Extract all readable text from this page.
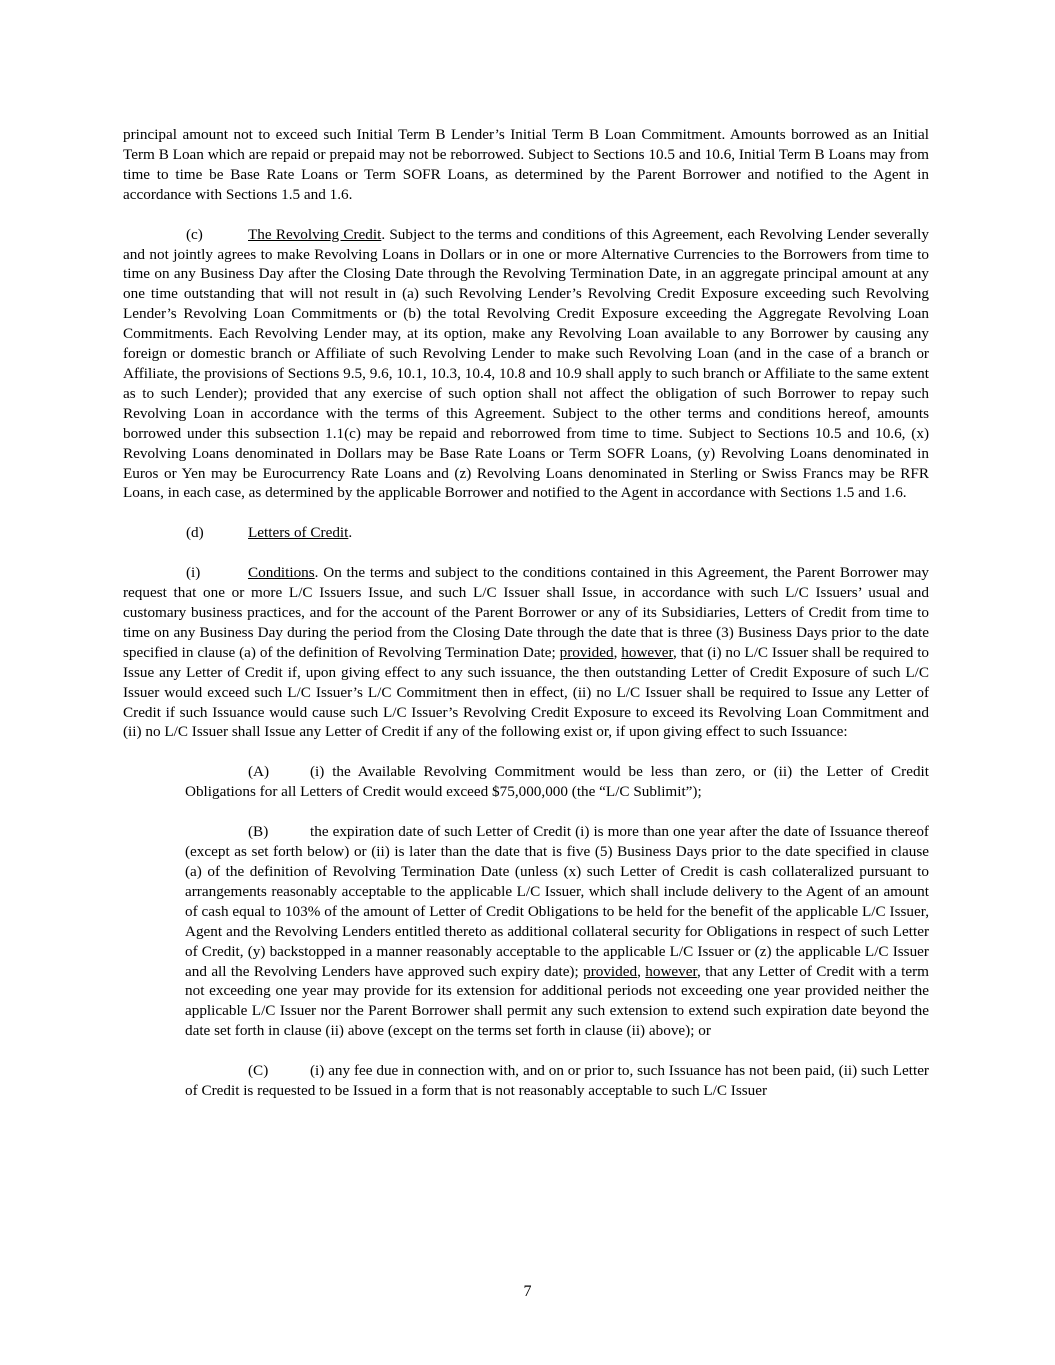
principal amount not to exceed such Initial Term B Lender’s Initial Term B Loan Commitment. Amounts borrowed as an Initial Term B Loan which are repaid or prepaid may not be reborrowed. Subject to Sections 10.5 and 10.6, Initial Term B Loans may from time to time be Base Rate Loans or Term SOFR Loans, as determined by the Parent Borrower and notified to the Agent in accordance with Sections 1.5 and 1.6.

(c)	The Revolving Credit. Subject to the terms and conditions of this Agreement, each Revolving Lender severally and not jointly agrees to make Revolving Loans in Dollars or in one or more Alternative Currencies to the Borrowers from time to time on any Business Day after the Closing Date through the Revolving Termination Date, in an aggregate principal amount at any one time outstanding that will not result in (a) such Revolving Lender’s Revolving Credit Exposure exceeding such Revolving Lender’s Revolving Loan Commitments or (b) the total Revolving Credit Exposure exceeding the Aggregate Revolving Loan Commitments. Each Revolving Lender may, at its option, make any Revolving Loan available to any Borrower by causing any foreign or domestic branch or Affiliate of such Revolving Lender to make such Revolving Loan (and in the case of a branch or Affiliate, the provisions of Sections 9.5, 9.6, 10.1, 10.3, 10.4, 10.8 and 10.9 shall apply to such branch or Affiliate to the same extent as to such Lender); provided that any exercise of such option shall not affect the obligation of such Borrower to repay such Revolving Loan in accordance with the terms of this Agreement. Subject to the other terms and conditions hereof, amounts borrowed under this subsection 1.1(c) may be repaid and reborrowed from time to time. Subject to Sections 10.5 and 10.6, (x) Revolving Loans denominated in Dollars may be Base Rate Loans or Term SOFR Loans, (y) Revolving Loans denominated in Euros or Yen may be Eurocurrency Rate Loans and (z) Revolving Loans denominated in Sterling or Swiss Francs may be RFR Loans, in each case, as determined by the applicable Borrower and notified to the Agent in accordance with Sections 1.5 and 1.6.

(d)	Letters of Credit.

(i)	Conditions. On the terms and subject to the conditions contained in this Agreement, the Parent Borrower may request that one or more L/C Issuers Issue, and such L/C Issuer shall Issue, in accordance with such L/C Issuers’ usual and customary business practices, and for the account of the Parent Borrower or any of its Subsidiaries, Letters of Credit from time to time on any Business Day during the period from the Closing Date through the date that is three (3) Business Days prior to the date specified in clause (a) of the definition of Revolving Termination Date; provided, however, that (i) no L/C Issuer shall be required to Issue any Letter of Credit if, upon giving effect to any such issuance, the then outstanding Letter of Credit Exposure of such L/C Issuer would exceed such L/C Issuer’s L/C Commitment then in effect, (ii) no L/C Issuer shall be required to Issue any Letter of Credit if such Issuance would cause such L/C Issuer’s Revolving Credit Exposure to exceed its Revolving Loan Commitment and (ii) no L/C Issuer shall Issue any Letter of Credit if any of the following exist or, if upon giving effect to such Issuance:

(A)	(i) the Available Revolving Commitment would be less than zero, or (ii) the Letter of Credit Obligations for all Letters of Credit would exceed $75,000,000 (the “L/C Sublimit”);

(B)	the expiration date of such Letter of Credit (i) is more than one year after the date of Issuance thereof (except as set forth below) or (ii) is later than the date that is five (5) Business Days prior to the date specified in clause (a) of the definition of Revolving Termination Date (unless (x) such Letter of Credit is cash collateralized pursuant to arrangements reasonably acceptable to the applicable L/C Issuer, which shall include delivery to the Agent of an amount of cash equal to 103% of the amount of Letter of Credit Obligations to be held for the benefit of the applicable L/C Issuer, Agent and the Revolving Lenders entitled thereto as additional collateral security for Obligations in respect of such Letter of Credit, (y) backstopped in a manner reasonably acceptable to the applicable L/C Issuer or (z) the applicable L/C Issuer and all the Revolving Lenders have approved such expiry date); provided, however, that any Letter of Credit with a term not exceeding one year may provide for its extension for additional periods not exceeding one year provided neither the applicable L/C Issuer nor the Parent Borrower shall permit any such extension to extend such expiration date beyond the date set forth in clause (ii) above (except on the terms set forth in clause (ii) above); or

(C)	(i) any fee due in connection with, and on or prior to, such Issuance has not been paid, (ii) such Letter of Credit is requested to be Issued in a form that is not reasonably acceptable to such L/C Issuer

7
